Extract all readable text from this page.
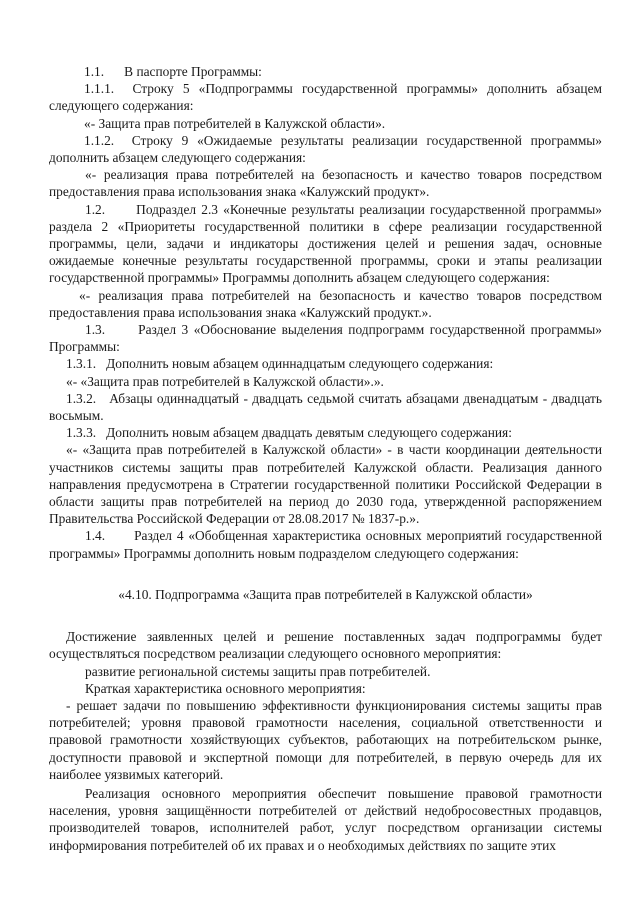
1.1.      В паспорте Программы:

1.1.1.  Строку 5 «Подпрограммы государственной программы» дополнить абзацем следующего содержания:

«- Защита прав потребителей в Калужской области».

1.1.2.  Строку 9 «Ожидаемые результаты реализации государственной программы» дополнить абзацем следующего содержания:

«- реализация права потребителей на безопасность и качество товаров посредством предоставления права использования знака «Калужский продукт».

1.2.      Подраздел 2.3 «Конечные результаты реализации государственной программы» раздела 2 «Приоритеты государственной политики в сфере реализации государственной программы, цели, задачи и индикаторы достижения целей и решения задач, основные ожидаемые конечные результаты государственной программы, сроки и этапы реализации государственной программы» Программы дополнить абзацем следующего содержания:

«- реализация права потребителей на безопасность и качество товаров посредством предоставления права использования знака «Калужский продукт.».

1.3.      Раздел 3 «Обоснование выделения подпрограмм государственной программы» Программы:

1.3.1.   Дополнить новым абзацем одиннадцатым следующего содержания:

«- «Защита прав потребителей в Калужской области».».

1.3.2.   Абзацы одиннадцатый - двадцать седьмой считать абзацами двенадцатым - двадцать восьмым.

1.3.3.   Дополнить новым абзацем двадцать девятым следующего содержания:

«- «Защита прав потребителей в Калужской области» - в части координации деятельности участников системы защиты прав потребителей Калужской области. Реализация данного направления предусмотрена в Стратегии государственной политики Российской Федерации в области защиты прав потребителей на период до 2030 года, утвержденной распоряжением Правительства Российской Федерации от 28.08.2017 № 1837-р.».

1.4.      Раздел 4 «Обобщенная характеристика основных мероприятий государственной программы» Программы дополнить новым подразделом следующего содержания:

«4.10. Подпрограмма «Защита прав потребителей в Калужской области»

Достижение заявленных целей и решение поставленных задач подпрограммы будет осуществляться посредством реализации следующего основного мероприятия:

развитие региональной системы защиты прав потребителей.

Краткая характеристика основного мероприятия:

- решает задачи по повышению эффективности функционирования системы защиты прав потребителей; уровня правовой грамотности населения, социальной ответственности и правовой грамотности хозяйствующих субъектов, работающих на потребительском рынке, доступности правовой и экспертной помощи для потребителей, в первую очередь для их наиболее уязвимых категорий.

Реализация основного мероприятия обеспечит повышение правовой грамотности населения, уровня защищённости потребителей от действий недобросовестных продавцов, производителей товаров, исполнителей работ, услуг посредством организации системы информирования потребителей об их правах и о необходимых действиях по защите этих
